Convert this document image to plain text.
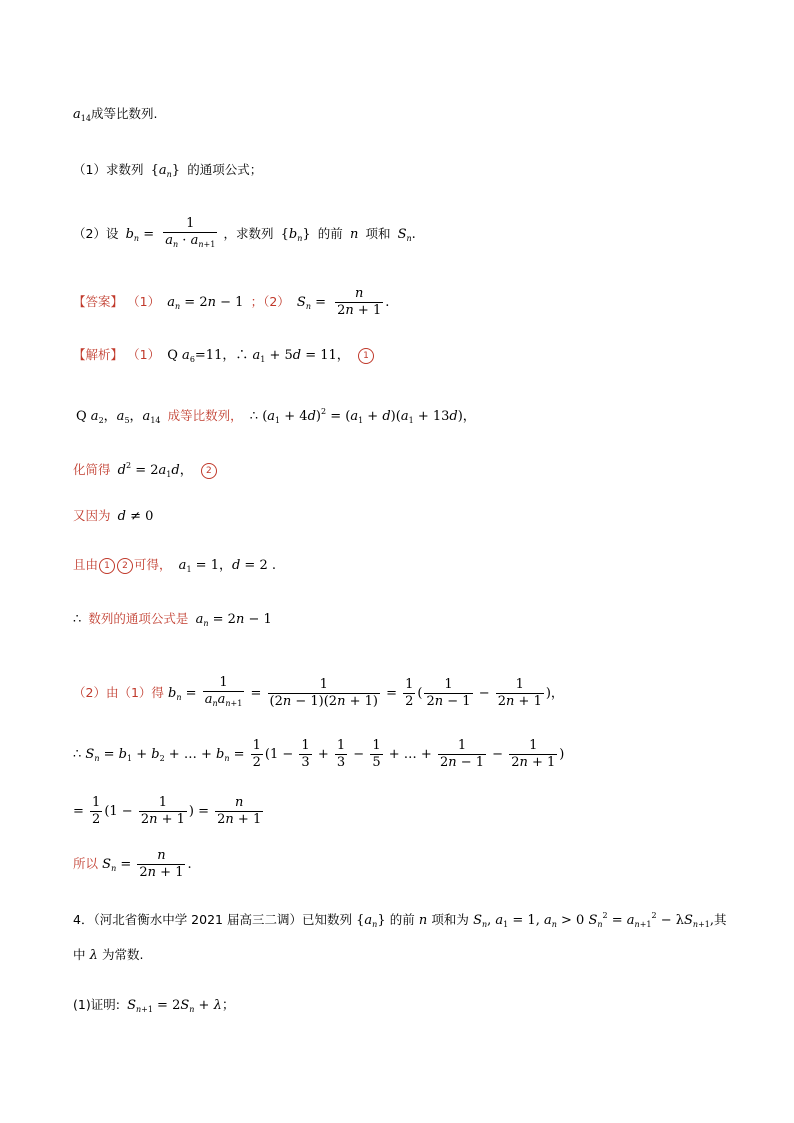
$a_{14}$成等比数列.
（1）求数列 $\{a_n\}$ 的通项公式；
（2）设 $b_n = \frac{1}{a_n \cdot a_{n+1}}$ ，求数列 $\{b_n\}$ 的前 n 项和 $S_n$.
【答案】 （1） $a_n = 2n - 1$ ；（2） $S_n = \frac{n}{2n + 1}$ .
【解析】 （1） Q $a_6=11$，∴ $a_1 + 5d = 11$， 1
Q $a_2$，$a_5$，$a_{14}$ 成等比数列， ∴ $(a_1 + 4d)^2 = (a_1 + d)(a_1 + 13d)$，
化简得 $d^2 = 2a_1d$， 2
又因为 d ≠ 0
且由 1 2 可得， $a_1 = 1$，d = 2 .
∴ 数列的通项公式是 $a_n = 2n - 1$
（2）由（1）得 $b_n = \frac{1}{a_na_{n+1}} = \frac{1}{(2n - 1)(2n + 1)} = \frac{1}{2}$ ( $\frac{1}{2n - 1} - \frac{1}{2n + 1}$ )，
∴ $S_n = b_1 + b_2$ + … + $b_n = \frac{1}{2} (1 - \frac{1}{3} + \frac{1}{3} - \frac{1}{5}$ + … + $\frac{1}{2n - 1} - \frac{1}{2n + 1}$ )
= $\frac{1}{2} (1 - \frac{1}{2n + 1}$ ) = $\frac{n}{2n + 1}$
所以 $S_n = \frac{n}{2n + 1}$ .
4．（河北省衡水中学 2021 届高三二调）已知数列 $\{a_n\}$ 的前 n 项和为 $S_n$, $a_1 = 1$, $a_n > 0$ $S_n^2 = a_{n+1}^2 - \lambda S_{n+1}$,其
中 λ 为常数.
(1)证明: $S_{n+1} = 2S_n + \lambda$；
